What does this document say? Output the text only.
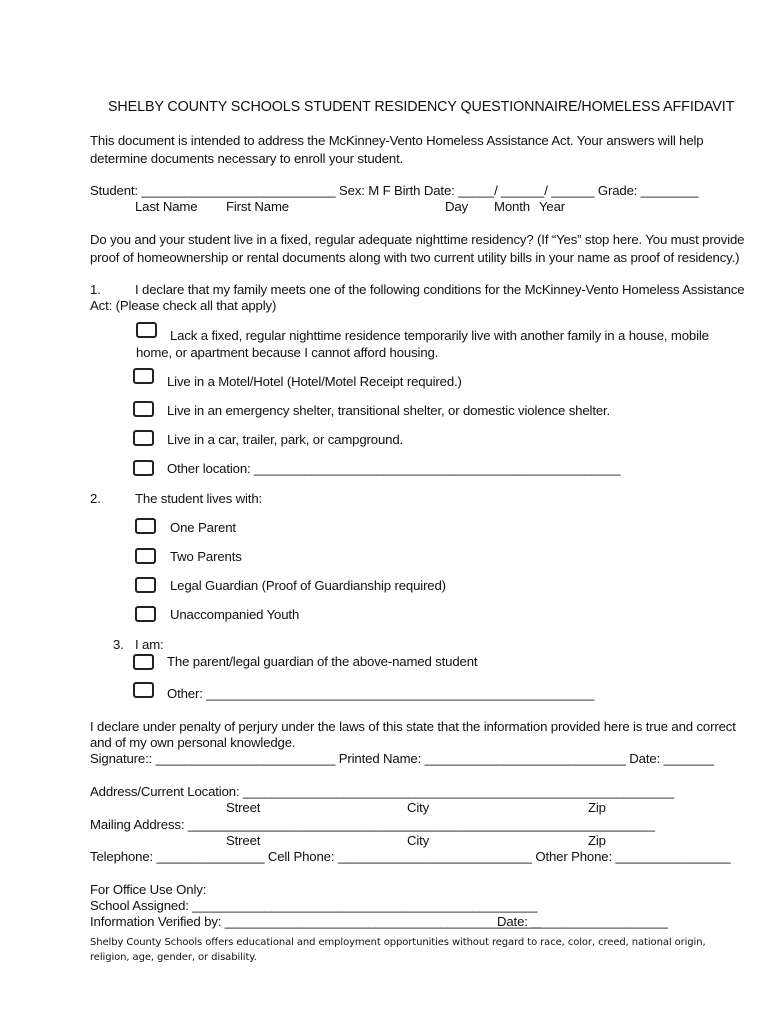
SHELBY COUNTY SCHOOLS STUDENT RESIDENCY QUESTIONNAIRE/HOMELESS AFFIDAVIT
This document is intended to address the McKinney-Vento Homeless Assistance Act. Your answers will help
determine documents necessary to enroll your student.
Student: ___________________________ Sex: M F Birth Date: _____/ ______/ ______ Grade: ________
Last Name First Name	Day Month Year
Do you and your student live in a fixed, regular adequate nighttime residency? (If “Yes” stop here. You must provide
proof of homeownership or rental documents along with two current utility bills in your name as proof of residency.)
1.	I declare that my family meets one of the following conditions for the McKinney-Vento Homeless Assistance
Act: (Please check all that apply)
Lack a fixed, regular nighttime residence temporarily live with another family in a house, mobile
home, or apartment because I cannot afford housing.
Live in a Motel/Hotel (Hotel/Motel Receipt required.)
Live in an emergency shelter, transitional shelter, or domestic violence shelter.
Live in a car, trailer, park, or campground.
Other location: ___________________________________________________
2.	The student lives with:
One Parent
Two Parents
Legal Guardian (Proof of Guardianship required)
Unaccompanied Youth
3. I am:
The parent/legal guardian of the above-named student
Other: ______________________________________________________
I declare under penalty of perjury under the laws of this state that the information provided here is true and correct
and of my own personal knowledge.
Signature:: _________________________ Printed Name: ____________________________ Date: _______
Address/Current Location: ____________________________________________________________
Street	City	Zip
Mailing Address: _________________________________________________________________
Street	City	Zip
Telephone: _______________ Cell Phone: ___________________________ Other Phone: ________________
For Office Use Only:
School Assigned: ________________________________________________
Information Verified by: ____________________________________________
Date: ___________________
Shelby County Schools offers educational and employment opportunities without regard to race, color, creed, national origin,
religion, age, gender, or disability.
